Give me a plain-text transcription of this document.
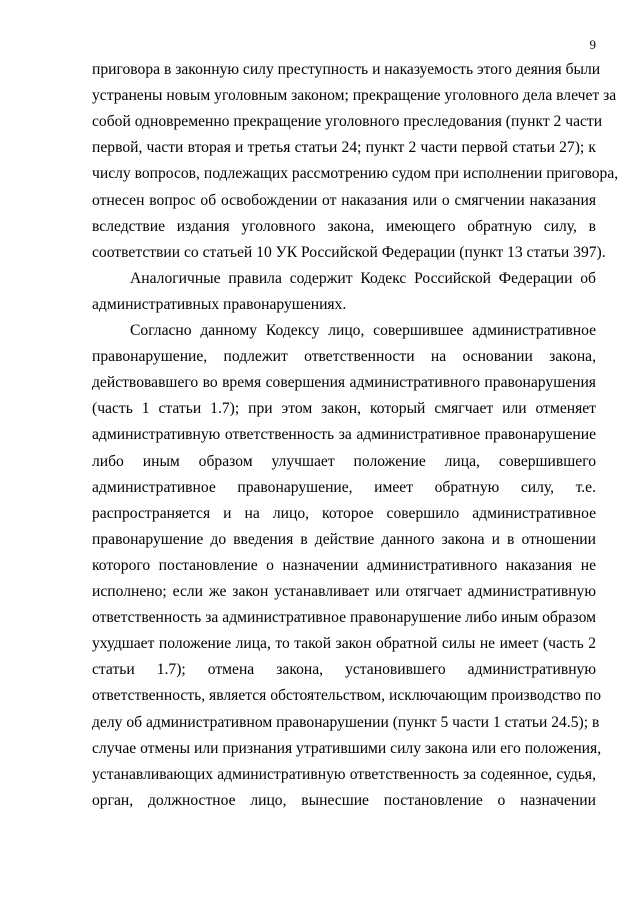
9
приговора в законную силу преступность и наказуемость этого деяния были
устранены новым уголовным законом; прекращение уголовного дела влечет за
собой одновременно прекращение уголовного преследования (пункт 2 части
первой, части вторая и третья статьи 24; пункт 2 части первой статьи 27); к
числу вопросов, подлежащих рассмотрению судом при исполнении приговора,
отнесен вопрос об освобождении от наказания или о смягчении наказания
вследствие издания уголовного закона, имеющего обратную силу, в
соответствии со статьей 10 УК Российской Федерации (пункт 13 статьи 397).
Аналогичные правила содержит Кодекс Российской Федерации об
административных правонарушениях.
Согласно данному Кодексу лицо, совершившее административное
правонарушение, подлежит ответственности на основании закона,
действовавшего во время совершения административного правонарушения
(часть 1 статьи 1.7); при этом закон, который смягчает или отменяет
административную ответственность за административное правонарушение
либо иным образом улучшает положение лица, совершившего
административное правонарушение, имеет обратную силу, т.е.
распространяется и на лицо, которое совершило административное
правонарушение до введения в действие данного закона и в отношении
которого постановление о назначении административного наказания не
исполнено; если же закон устанавливает или отягчает административную
ответственность за административное правонарушение либо иным образом
ухудшает положение лица, то такой закон обратной силы не имеет (часть 2
статьи 1.7); отмена закона, установившего административную
ответственность, является обстоятельством, исключающим производство по
делу об административном правонарушении (пункт 5 части 1 статьи 24.5); в
случае отмены или признания утратившими силу закона или его положения,
устанавливающих административную ответственность за содеянное, судья,
орган, должностное лицо, вынесшие постановление о назначении
